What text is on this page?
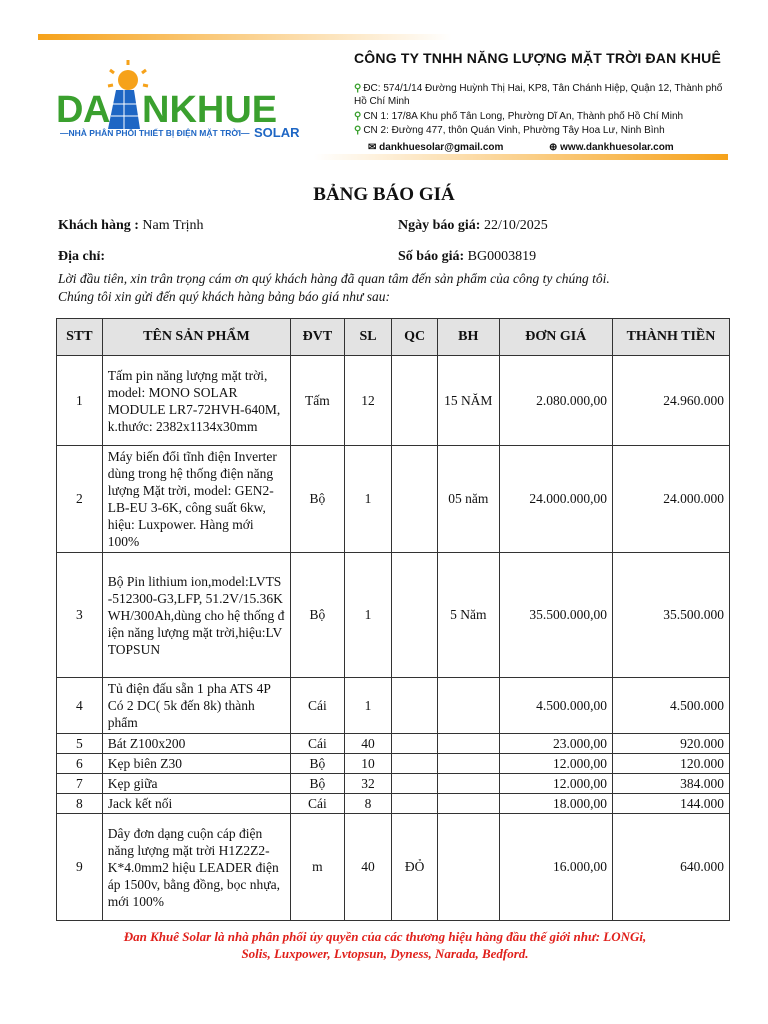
D A NKHUE
—NHÀ PHÂN PHỐI THIẾT BỊ ĐIỆN MẶT TRỜI— SOLAR
CÔNG TY TNHH NĂNG LƯỢNG MẶT TRỜI ĐAN KHUÊ
⚲ ĐC: 574/1/14 Đường Huỳnh Thị Hai, KP8, Tân Chánh Hiệp, Quận 12, Thành phố Hồ Chí Minh
⚲ CN 1: 17/8A Khu phố Tân Long, Phường Dĩ An, Thành phố Hồ Chí Minh
⚲ CN 2: Đường 477, thôn Quán Vinh, Phường Tây Hoa Lư, Ninh Bình
✉ dankhuesolar@gmail.com	⊕ www.dankhuesolar.com
BẢNG BÁO GIÁ
Khách hàng : Nam Trịnh	Ngày báo giá: 22/10/2025
Địa chỉ:	Số báo giá: BG0003819
Lời đầu tiên, xin trân trọng cám ơn quý khách hàng đã quan tâm đến sản phẩm của công ty chúng tôi.
Chúng tôi xin gửi đến quý khách hàng bảng báo giá như sau:
STT	TÊN SẢN PHẨM	ĐVT	SL	QC	BH	ĐƠN GIÁ	THÀNH TIỀN
1	Tấm pin năng lượng mặt trời, model: MONO SOLAR MODULE LR7-72HVH-640M, k.thước: 2382x1134x30mm	Tấm	12		15 NĂM	2.080.000,00	24.960.000
2	Máy biến đổi tĩnh điện Inverter dùng trong hệ thống điện năng lượng Mặt trời, model: GEN2-LB-EU 3-6K, công suất 6kw, hiệu: Luxpower. Hàng mới 100%	Bộ	1		05 năm	24.000.000,00	24.000.000
3	Bộ Pin lithium ion,model:LVTS-512300-G3,LFP, 51.2V/15.36KWH/300Ah,dùng cho hệ thống điện năng lượng mặt trời,hiệu:LVTOPSUN	Bộ	1		5 Năm	35.500.000,00	35.500.000
4	Tủ điện đấu sẵn 1 pha ATS 4P Có 2 DC( 5k đến 8k) thành phẩm	Cái	1			4.500.000,00	4.500.000
5	Bát Z100x200	Cái	40			23.000,00	920.000
6	Kẹp biên Z30	Bộ	10			12.000,00	120.000
7	Kẹp giữa	Bộ	32			12.000,00	384.000
8	Jack kết nối	Cái	8			18.000,00	144.000
9	Dây đơn dạng cuộn cáp điện năng lượng mặt trời H1Z2Z2-K*4.0mm2 hiệu LEADER điện áp 1500v, bằng đồng, bọc nhựa, mới 100%	m	40	ĐỎ		16.000,00	640.000
Đan Khuê Solar là nhà phân phối ủy quyền của các thương hiệu hàng đầu thế giới như: LONGi,
Solis, Luxpower, Lvtopsun, Dyness, Narada, Bedford.
